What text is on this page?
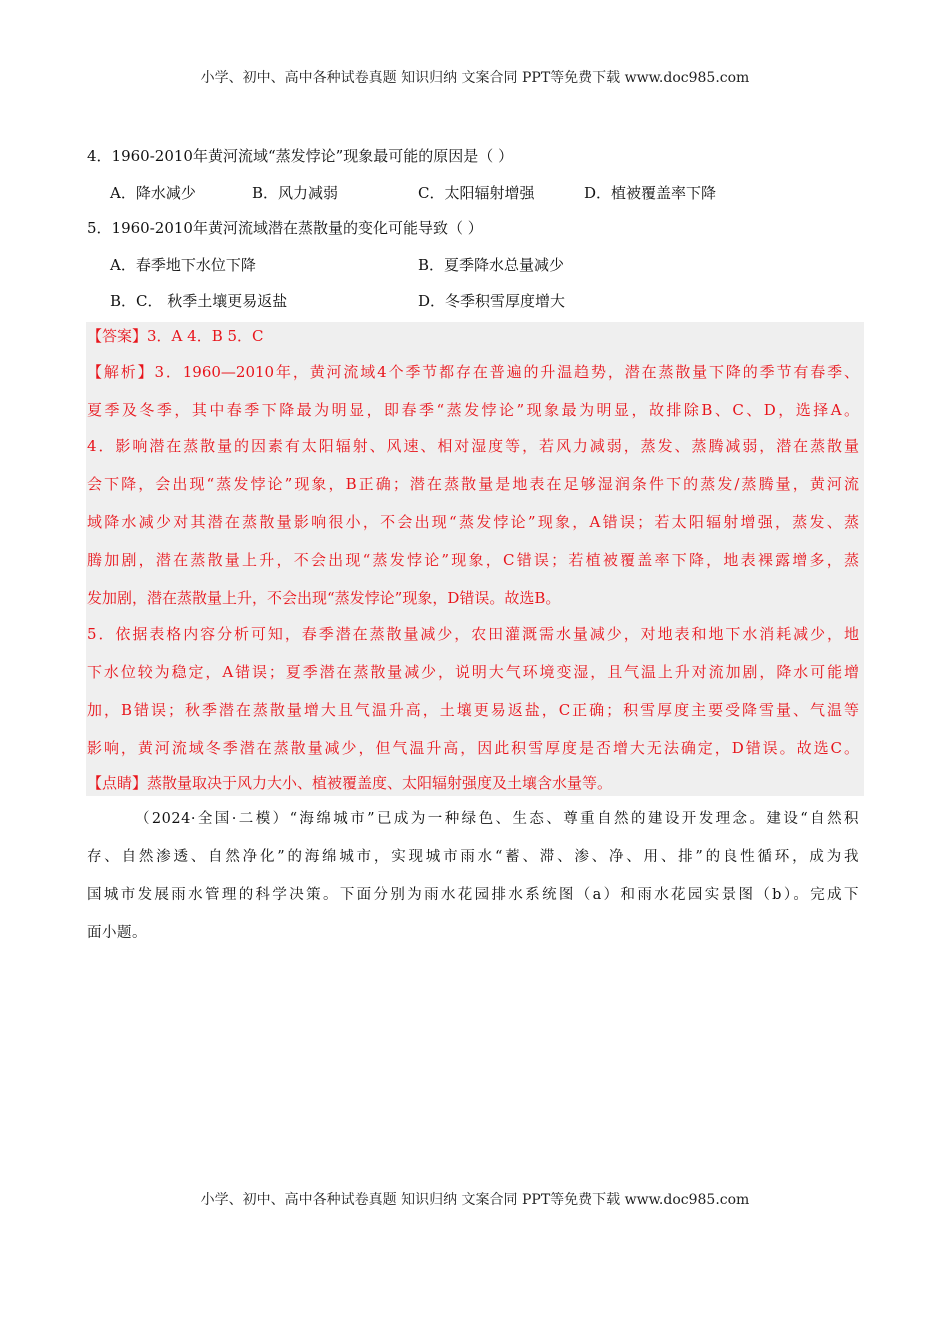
小学、初中、高中各种试卷真题 知识归纳 文案合同 PPT等免费下载 www.doc985.com
4．1960-2010年黄河流域“蒸发悖论”现象最可能的原因是（ ）
A．降水减少	B．风力减弱	C．太阳辐射增强	D．植被覆盖率下降
5．1960-2010年黄河流域潜在蒸散量的变化可能导致（ ）
A．春季地下水位下降	B．夏季降水总量减少
B．C． 秋季土壤更易返盐	D．冬季积雪厚度增大
【答案】3．A 4．B 5．C
【解析】3．1960—2010年，黄河流域4个季节都存在普遍的升温趋势，潜在蒸散量下降的季节有春季、
夏季及冬季，其中春季下降最为明显，即春季“蒸发悖论”现象最为明显，故排除B、C、D，选择A。
4．影响潜在蒸散量的因素有太阳辐射、风速、相对湿度等，若风力减弱，蒸发、蒸腾减弱，潜在蒸散量
会下降，会出现“蒸发悖论”现象，B正确；潜在蒸散量是地表在足够湿润条件下的蒸发/蒸腾量，黄河流
域降水减少对其潜在蒸散量影响很小，不会出现“蒸发悖论”现象，A错误；若太阳辐射增强，蒸发、蒸
腾加剧，潜在蒸散量上升，不会出现“蒸发悖论”现象，C错误；若植被覆盖率下降，地表裸露增多，蒸
发加剧，潜在蒸散量上升，不会出现“蒸发悖论”现象，D错误。故选B。
5．依据表格内容分析可知，春季潜在蒸散量减少，农田灌溉需水量减少，对地表和地下水消耗减少，地
下水位较为稳定，A错误；夏季潜在蒸散量减少，说明大气环境变湿，且气温上升对流加剧，降水可能增
加，B错误；秋季潜在蒸散量增大且气温升高，土壤更易返盐，C正确；积雪厚度主要受降雪量、气温等
影响，黄河流域冬季潜在蒸散量减少，但气温升高，因此积雪厚度是否增大无法确定，D错误。故选C。
【点睛】蒸散量取决于风力大小、植被覆盖度、太阳辐射强度及土壤含水量等。
（2024·全国·二模）“海绵城市”已成为一种绿色、生态、尊重自然的建设开发理念。建设“自然积
存、自然渗透、自然净化”的海绵城市，实现城市雨水“蓄、滞、渗、净、用、排”的良性循环，成为我
国城市发展雨水管理的科学决策。下面分别为雨水花园排水系统图（a）和雨水花园实景图（b）。完成下
面小题。
小学、初中、高中各种试卷真题 知识归纳 文案合同 PPT等免费下载 www.doc985.com
